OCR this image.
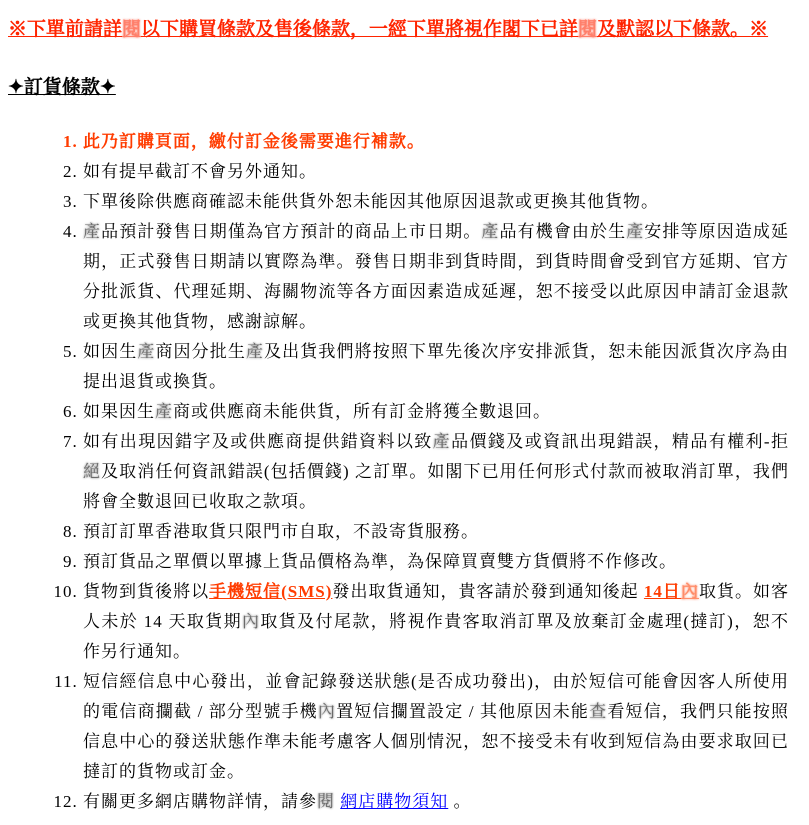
※下單前請詳閱以下購買條款及售後條款，一經下單將視作閣下已詳閱及默認以下條款。※

✦訂貨條款✦
1. 此乃訂購頁面，繳付訂金後需要進行補款。
2. 如有提早截訂不會另外通知。
3. 下單後除供應商確認未能供貨外恕未能因其他原因退款或更換其他貨物。
4. 產品預計發售日期僅為官方預計的商品上市日期。產品有機會由於生產安排等原因造成延期，正式發售日期請以實際為準。發售日期非到貨時間，到貨時間會受到官方延期、官方分批派貨、代理延期、海關物流等各方面因素造成延遲，恕不接受以此原因申請訂金退款或更換其他貨物，感謝諒解。
5. 如因生產商因分批生產及出貨我們將按照下單先後次序安排派貨，恕未能因派貨次序為由提出退貨或換貨。
6. 如果因生產商或供應商未能供貨，所有訂金將獲全數退回。
7. 如有出現因錯字及或供應商提供錯資料以致產品價錢及或資訊出現錯誤，精品有權利-拒絕及取消任何資訊錯誤(包括價錢) 之訂單。如閣下已用任何形式付款而被取消訂單，我們將會全數退回已收取之款項。
8. 預訂訂單香港取貨只限門市自取，不設寄貨服務。
9. 預訂貨品之單價以單據上貨品價格為準，為保障買賣雙方貨價將不作修改。
10. 貨物到貨後將以手機短信(SMS)發出取貨通知，貴客請於發到通知後起 14日內取貨。如客人未於 14 天取貨期內取貨及付尾款，將視作貴客取消訂單及放棄訂金處理(撻訂)，恕不作另行通知。
11. 短信經信息中心發出，並會記錄發送狀態(是否成功發出)，由於短信可能會因客人所使用的電信商攔截 / 部分型號手機內置短信攔置設定 / 其他原因未能查看短信，我們只能按照信息中心的發送狀態作準未能考慮客人個別情況，恕不接受未有收到短信為由要求取回已撻訂的貨物或訂金。
12. 有關更多網店購物詳情，請參閱 網店購物須知 。
